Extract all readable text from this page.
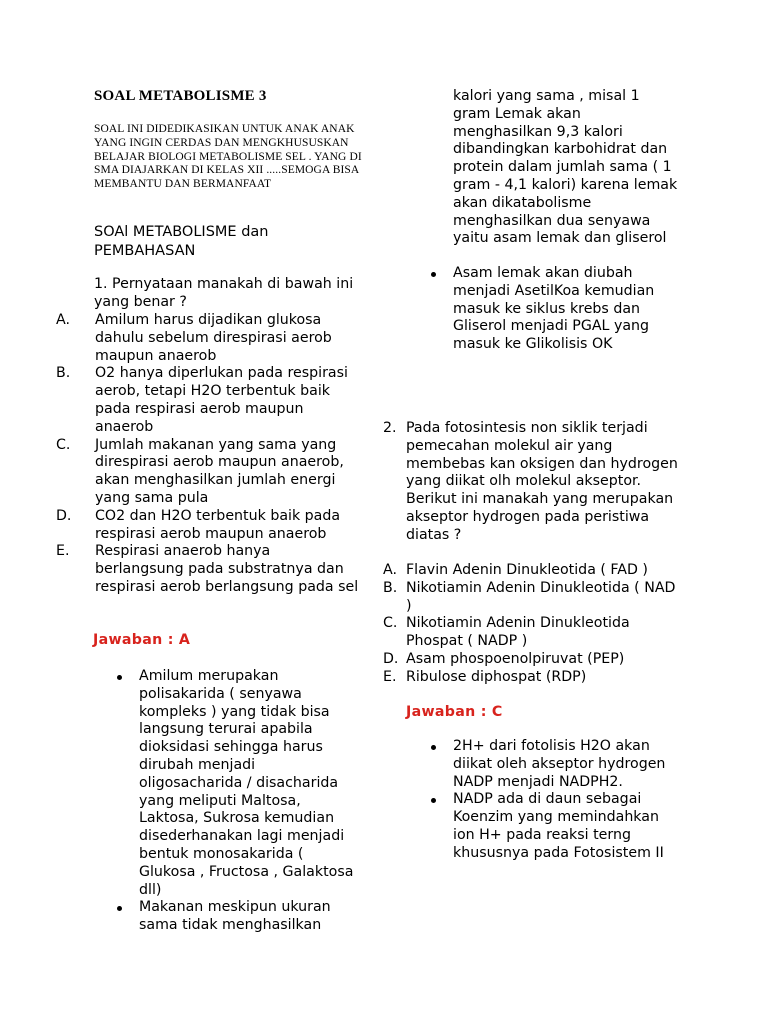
SOAL METABOLISME 3
SOAL INI DIDEDIKASIKAN UNTUK ANAK ANAK YANG INGIN CERDAS DAN MENGKHUSUSKAN BELAJAR BIOLOGI METABOLISME SEL . YANG DI SMA DIAJARKAN DI KELAS XII .....SEMOGA BISA MEMBANTU DAN BERMANFAAT
SOAl METABOLISME dan PEMBAHASAN
1. Pernyataan manakah di bawah ini yang benar ?
A. Amilum harus dijadikan glukosa dahulu sebelum direspirasi aerob maupun anaerob
B. O2 hanya diperlukan pada respirasi aerob, tetapi H2O terbentuk baik pada respirasi aerob maupun anaerob
C. Jumlah makanan yang sama yang direspirasi aerob maupun anaerob, akan menghasilkan jumlah energi yang sama pula
D. CO2 dan H2O terbentuk baik pada respirasi aerob maupun anaerob
E. Respirasi anaerob hanya berlangsung pada substratnya dan respirasi aerob berlangsung pada sel
Jawaban : A
Amilum merupakan polisakarida ( senyawa kompleks ) yang tidak bisa langsung terurai apabila dioksidasi sehingga harus dirubah menjadi oligosacharida / disacharida yang meliputi Maltosa, Laktosa, Sukrosa kemudian disederhanakan lagi menjadi bentuk monosakarida ( Glukosa , Fructosa , Galaktosa dll)
Makanan meskipun ukuran sama tidak menghasilkan
kalori yang sama , misal 1 gram Lemak akan menghasilkan 9,3 kalori dibandingkan karbohidrat dan protein dalam jumlah sama ( 1 gram - 4,1 kalori) karena lemak akan dikatabolisme menghasilkan dua senyawa yaitu asam lemak dan gliserol
Asam lemak akan diubah menjadi AsetilKoa kemudian masuk ke siklus krebs dan Gliserol menjadi PGAL yang masuk ke Glikolisis OK
2. Pada fotosintesis non siklik terjadi pemecahan molekul air yang membebas kan oksigen dan hydrogen yang diikat olh molekul akseptor.
Berikut ini manakah yang merupakan akseptor hydrogen pada peristiwa diatas ?
A. Flavin Adenin Dinukleotida ( FAD )
B. Nikotiamin Adenin Dinukleotida ( NAD )
C. Nikotiamin Adenin Dinukleotida Phospat ( NADP )
D. Asam phospoenolpiruvat (PEP)
E. Ribulose diphospat (RDP)
Jawaban : C
2H+ dari fotolisis H2O akan diikat oleh akseptor hydrogen NADP menjadi NADPH2.
NADP ada di daun sebagai Koenzim yang memindahkan ion H+ pada reaksi terng khususnya pada Fotosistem II
